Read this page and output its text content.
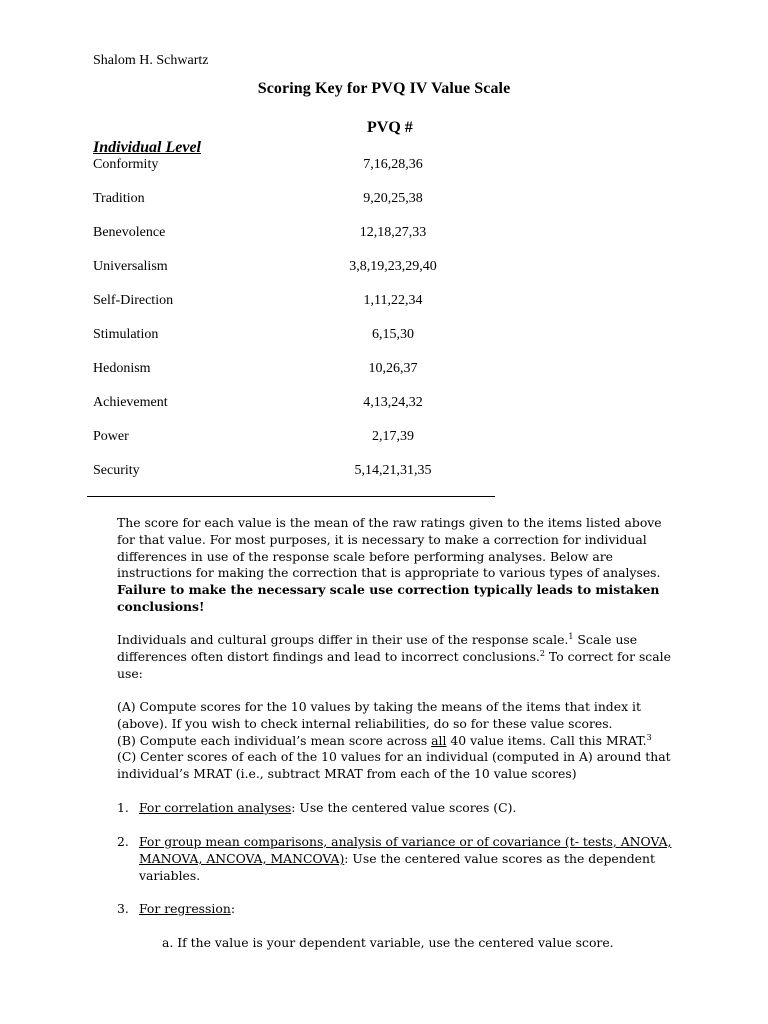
Shalom H. Schwartz
Scoring Key for PVQ IV Value Scale
PVQ #
Individual Level
Conformity	7,16,28,36
Tradition	9,20,25,38
Benevolence	12,18,27,33
Universalism	3,8,19,23,29,40
Self-Direction	1,11,22,34
Stimulation	6,15,30
Hedonism	10,26,37
Achievement	4,13,24,32
Power	2,17,39
Security	5,14,21,31,35
The score for each value is the mean of the raw ratings given to the items listed above for that value. For most purposes, it is necessary to make a correction for individual differences in use of the response scale before performing analyses. Below are instructions for making the correction that is appropriate to various types of analyses. Failure to make the necessary scale use correction typically leads to mistaken conclusions!
Individuals and cultural groups differ in their use of the response scale.$^1$ Scale use differences often distort findings and lead to incorrect conclusions.$^2$ To correct for scale use:
(A) Compute scores for the 10 values by taking the means of the items that index it (above). If you wish to check internal reliabilities, do so for these value scores.
(B) Compute each individual’s mean score across all 40 value items. Call this MRAT.$^3$
(C) Center scores of each of the 10 values for an individual (computed in A) around that individual’s MRAT (i.e., subtract MRAT from each of the 10 value scores)
1. For correlation analyses: Use the centered value scores (C).
2. For group mean comparisons, analysis of variance or of covariance (t- tests, ANOVA, MANOVA, ANCOVA, MANCOVA): Use the centered value scores as the dependent variables.
3. For regression:
a. If the value is your dependent variable, use the centered value score.
